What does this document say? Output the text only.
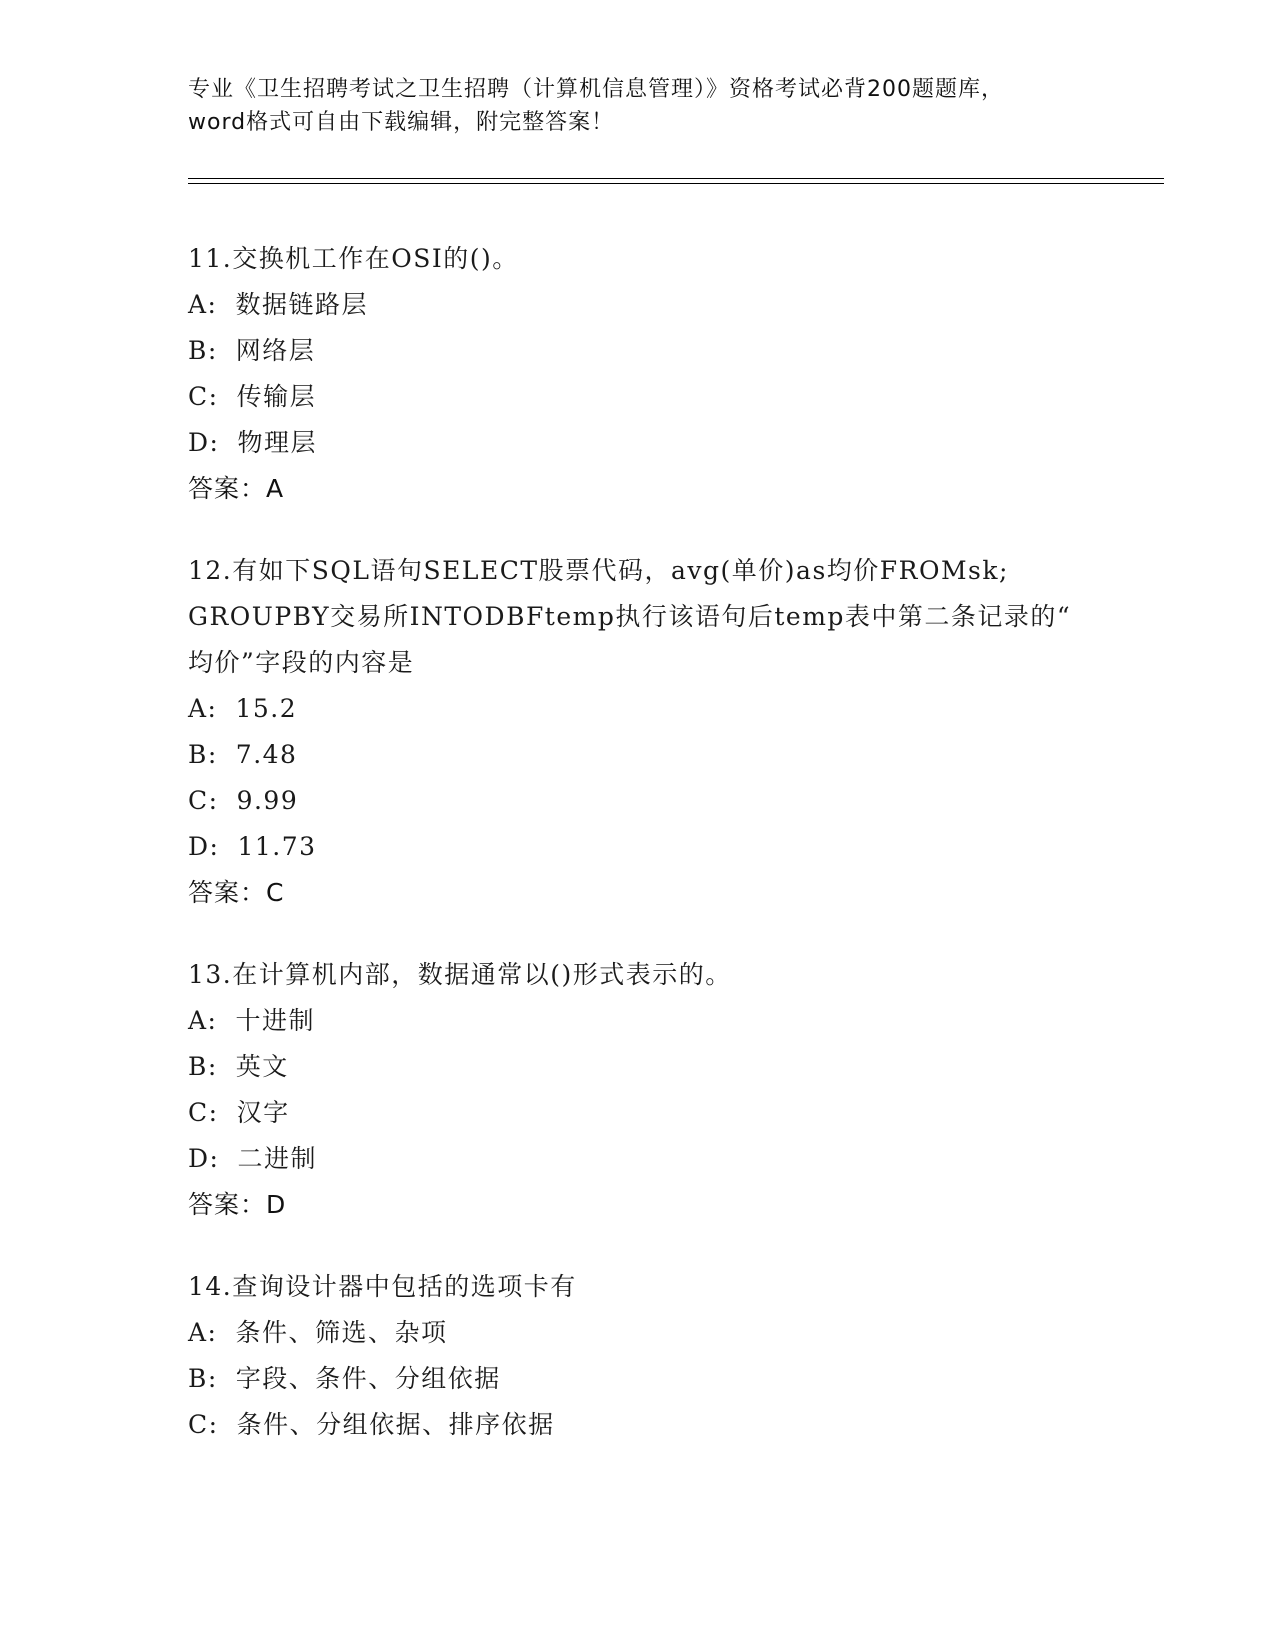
专业《卫生招聘考试之卫生招聘（计算机信息管理）》资格考试必背200题题库，

word格式可自由下载编辑，附完整答案！

11.交换机工作在OSI的()。
A: 数据链路层
B: 网络层
C: 传输层
D: 物理层
答案：A
12.有如下SQL语句SELECT股票代码，avg(单价)as均价FROMsk;
GROUPBY交易所INTODBFtemp执行该语句后temp表中第二条记录的“
均价”字段的内容是
A: 15.2
B: 7.48
C: 9.99
D: 11.73
答案：C
13.在计算机内部，数据通常以()形式表示的。
A: 十进制
B: 英文
C: 汉字
D: 二进制
答案：D
14.查询设计器中包括的选项卡有
A: 条件、筛选、杂项
B: 字段、条件、分组依据
C: 条件、分组依据、排序依据
